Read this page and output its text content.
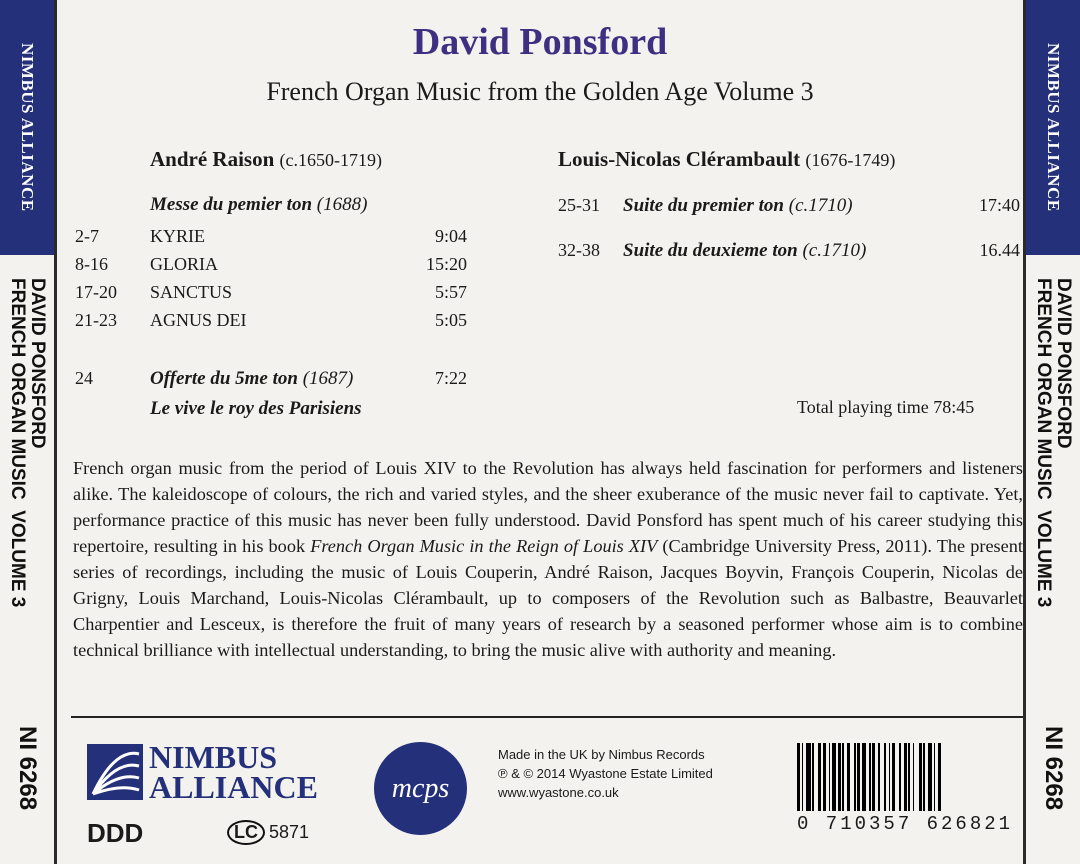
NIMBUS ALLIANCE
DAVID PONSFORD
FRENCH ORGAN MUSIC  VOLUME 3
NI 6268
NIMBUS ALLIANCE
DAVID PONSFORD
FRENCH ORGAN MUSIC  VOLUME 3
NI 6268
David Ponsford
French Organ Music from the Golden Age Volume 3
André Raison (c.1650-1719)
Messe du pemier ton
(1688)
2-7	KYRIE	9:04
8-16	GLORIA	15:20
17-20	SANCTUS	5:57
21-23	AGNUS DEI	5:05
24	Offerte du 5me ton (1687)	7:22
Le vive le roy des Parisiens
Louis-Nicolas Clérambault (1676-1749)
25-31	Suite du premier ton (c.1710)	17:40
32-38	Suite du deuxieme ton (c.1710)	16.44
Total playing time 78:45
French organ music from the period of Louis XIV to the Revolution has always held fascination for performers and listeners alike. The kaleidoscope of colours, the rich and varied styles, and the sheer exuberance of the music never fail to captivate. Yet, performance practice of this music has never been fully understood. David Ponsford has spent much of his career studying this repertoire, resulting in his book French Organ Music in the Reign of Louis XIV (Cambridge University Press, 2011). The present series of recordings, including the music of Louis Couperin, André Raison, Jacques Boyvin, François Couperin, Nicolas de Grigny, Louis Marchand, Louis-Nicolas Clérambault, up to composers of the Revolution such as Balbastre, Beauvarlet Charpentier and Lesceux, is therefore the fruit of many years of research by a seasoned performer whose aim is to combine technical brilliance with intellectual understanding, to bring the music alive with authority and meaning.
NIMBUS
ALLIANCE
DDD	LC 5871
mcps
Made in the UK by Nimbus Records
℗ & © 2014 Wyastone Estate Limited
www.wyastone.co.uk
0 710357 626821
